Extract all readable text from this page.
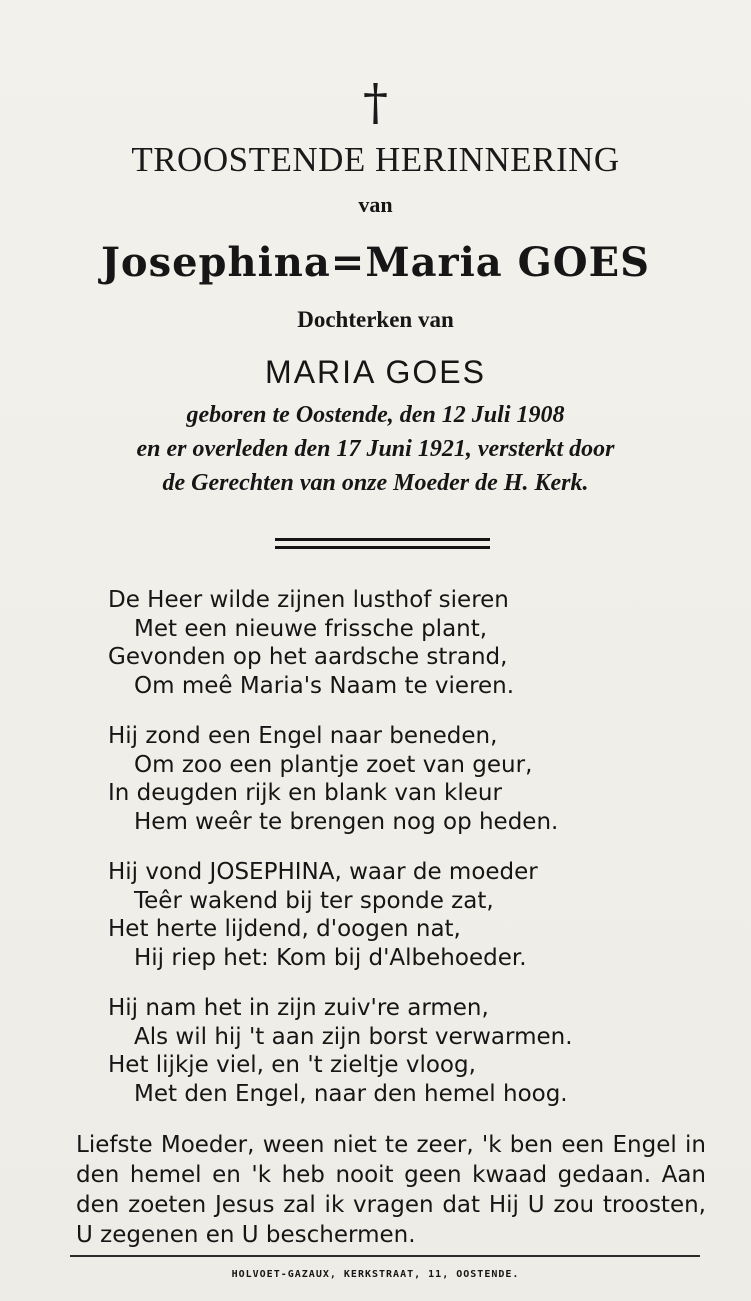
†
TROOSTENDE HERINNERING
van
Josephina=Maria GOES
Dochterken van
MARIA GOES
geboren te Oostende, den 12 Juli 1908
en er overleden den 17 Juni 1921, versterkt door
de Gerechten van onze Moeder de H. Kerk.
De Heer wilde zijnen lusthof sieren
Met een nieuwe frissche plant,
Gevonden op het aardsche strand,
Om meê Maria's Naam te vieren.
Hij zond een Engel naar beneden,
Om zoo een plantje zoet van geur,
In deugden rijk en blank van kleur
Hem weêr te brengen nog op heden.
Hij vond JOSEPHINA, waar de moeder
Teêr wakend bij ter sponde zat,
Het herte lijdend, d'oogen nat,
Hij riep het: Kom bij d'Albehoeder.
Hij nam het in zijn zuiv're armen,
Als wil hij 't aan zijn borst verwarmen.
Het lijkje viel, en 't zieltje vloog,
Met den Engel, naar den hemel hoog.
Liefste Moeder, ween niet te zeer, 'k ben een Engel in den hemel en 'k heb nooit geen kwaad gedaan. Aan den zoeten Jesus zal ik vragen dat Hij U zou troosten, U zegenen en U beschermen.
HOLVOET-GAZAUX, KERKSTRAAT, 11, OOSTENDE.
